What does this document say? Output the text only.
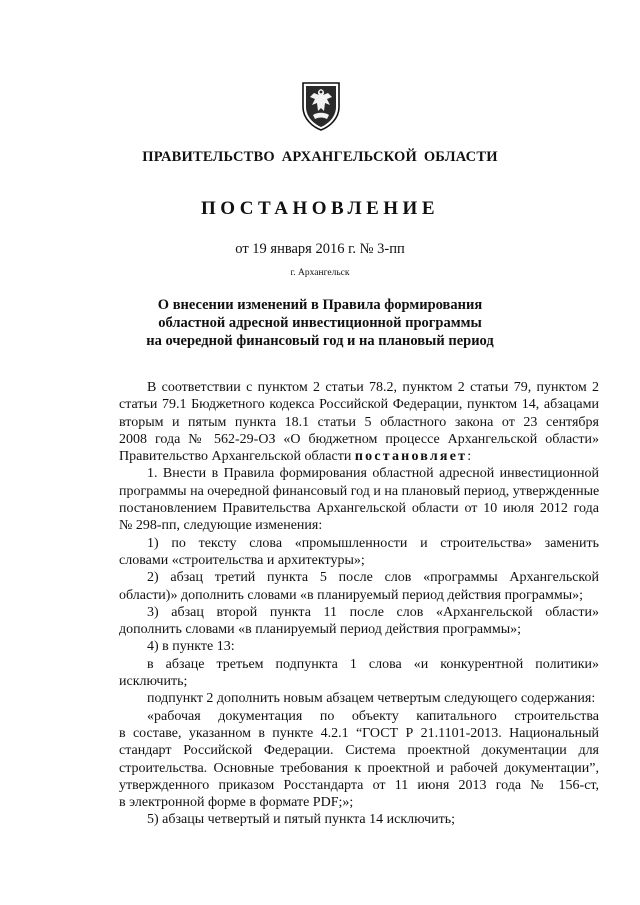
ПРАВИТЕЛЬСТВО АРХАНГЕЛЬСКОЙ ОБЛАСТИ
ПОСТАНОВЛЕНИЕ
от 19 января 2016 г. № 3-пп
г. Архангельск
О внесении изменений в Правила формирования
областной адресной инвестиционной программы
на очередной финансовый год и на плановый период
В соответствии с пунктом 2 статьи 78.2, пунктом 2 статьи 79, пунктом 2
статьи 79.1 Бюджетного кодекса Российской Федерации, пунктом 14, абзацами
вторым и пятым пункта 18.1 статьи 5 областного закона от 23 сентября
2008 года № 562-29-ОЗ «О бюджетном процессе Архангельской области»
Правительство Архангельской области постановляет:
1. Внести в Правила формирования областной адресной инвестиционной
программы на очередной финансовый год и на плановый период, утвержденные
постановлением Правительства Архангельской области от 10 июля 2012 года
№ 298-пп, следующие изменения:
1) по тексту слова «промышленности и строительства» заменить
словами «строительства и архитектуры»;
2) абзац третий пункта 5 после слов «программы Архангельской
области)» дополнить словами «в планируемый период действия программы»;
3) абзац второй пункта 11 после слов «Архангельской области»
дополнить словами «в планируемый период действия программы»;
4) в пункте 13:
в абзаце третьем подпункта 1 слова «и конкурентной политики»
исключить;
подпункт 2 дополнить новым абзацем четвертым следующего содержания:
«рабочая документация по объекту капитального строительства
в составе, указанном в пункте 4.2.1 “ГОСТ Р 21.1101-2013. Национальный
стандарт Российской Федерации. Система проектной документации для
строительства. Основные требования к проектной и рабочей документации”,
утвержденного приказом Росстандарта от 11 июня 2013 года № 156-ст,
в электронной форме в формате PDF;»;
5) абзацы четвертый и пятый пункта 14 исключить;
